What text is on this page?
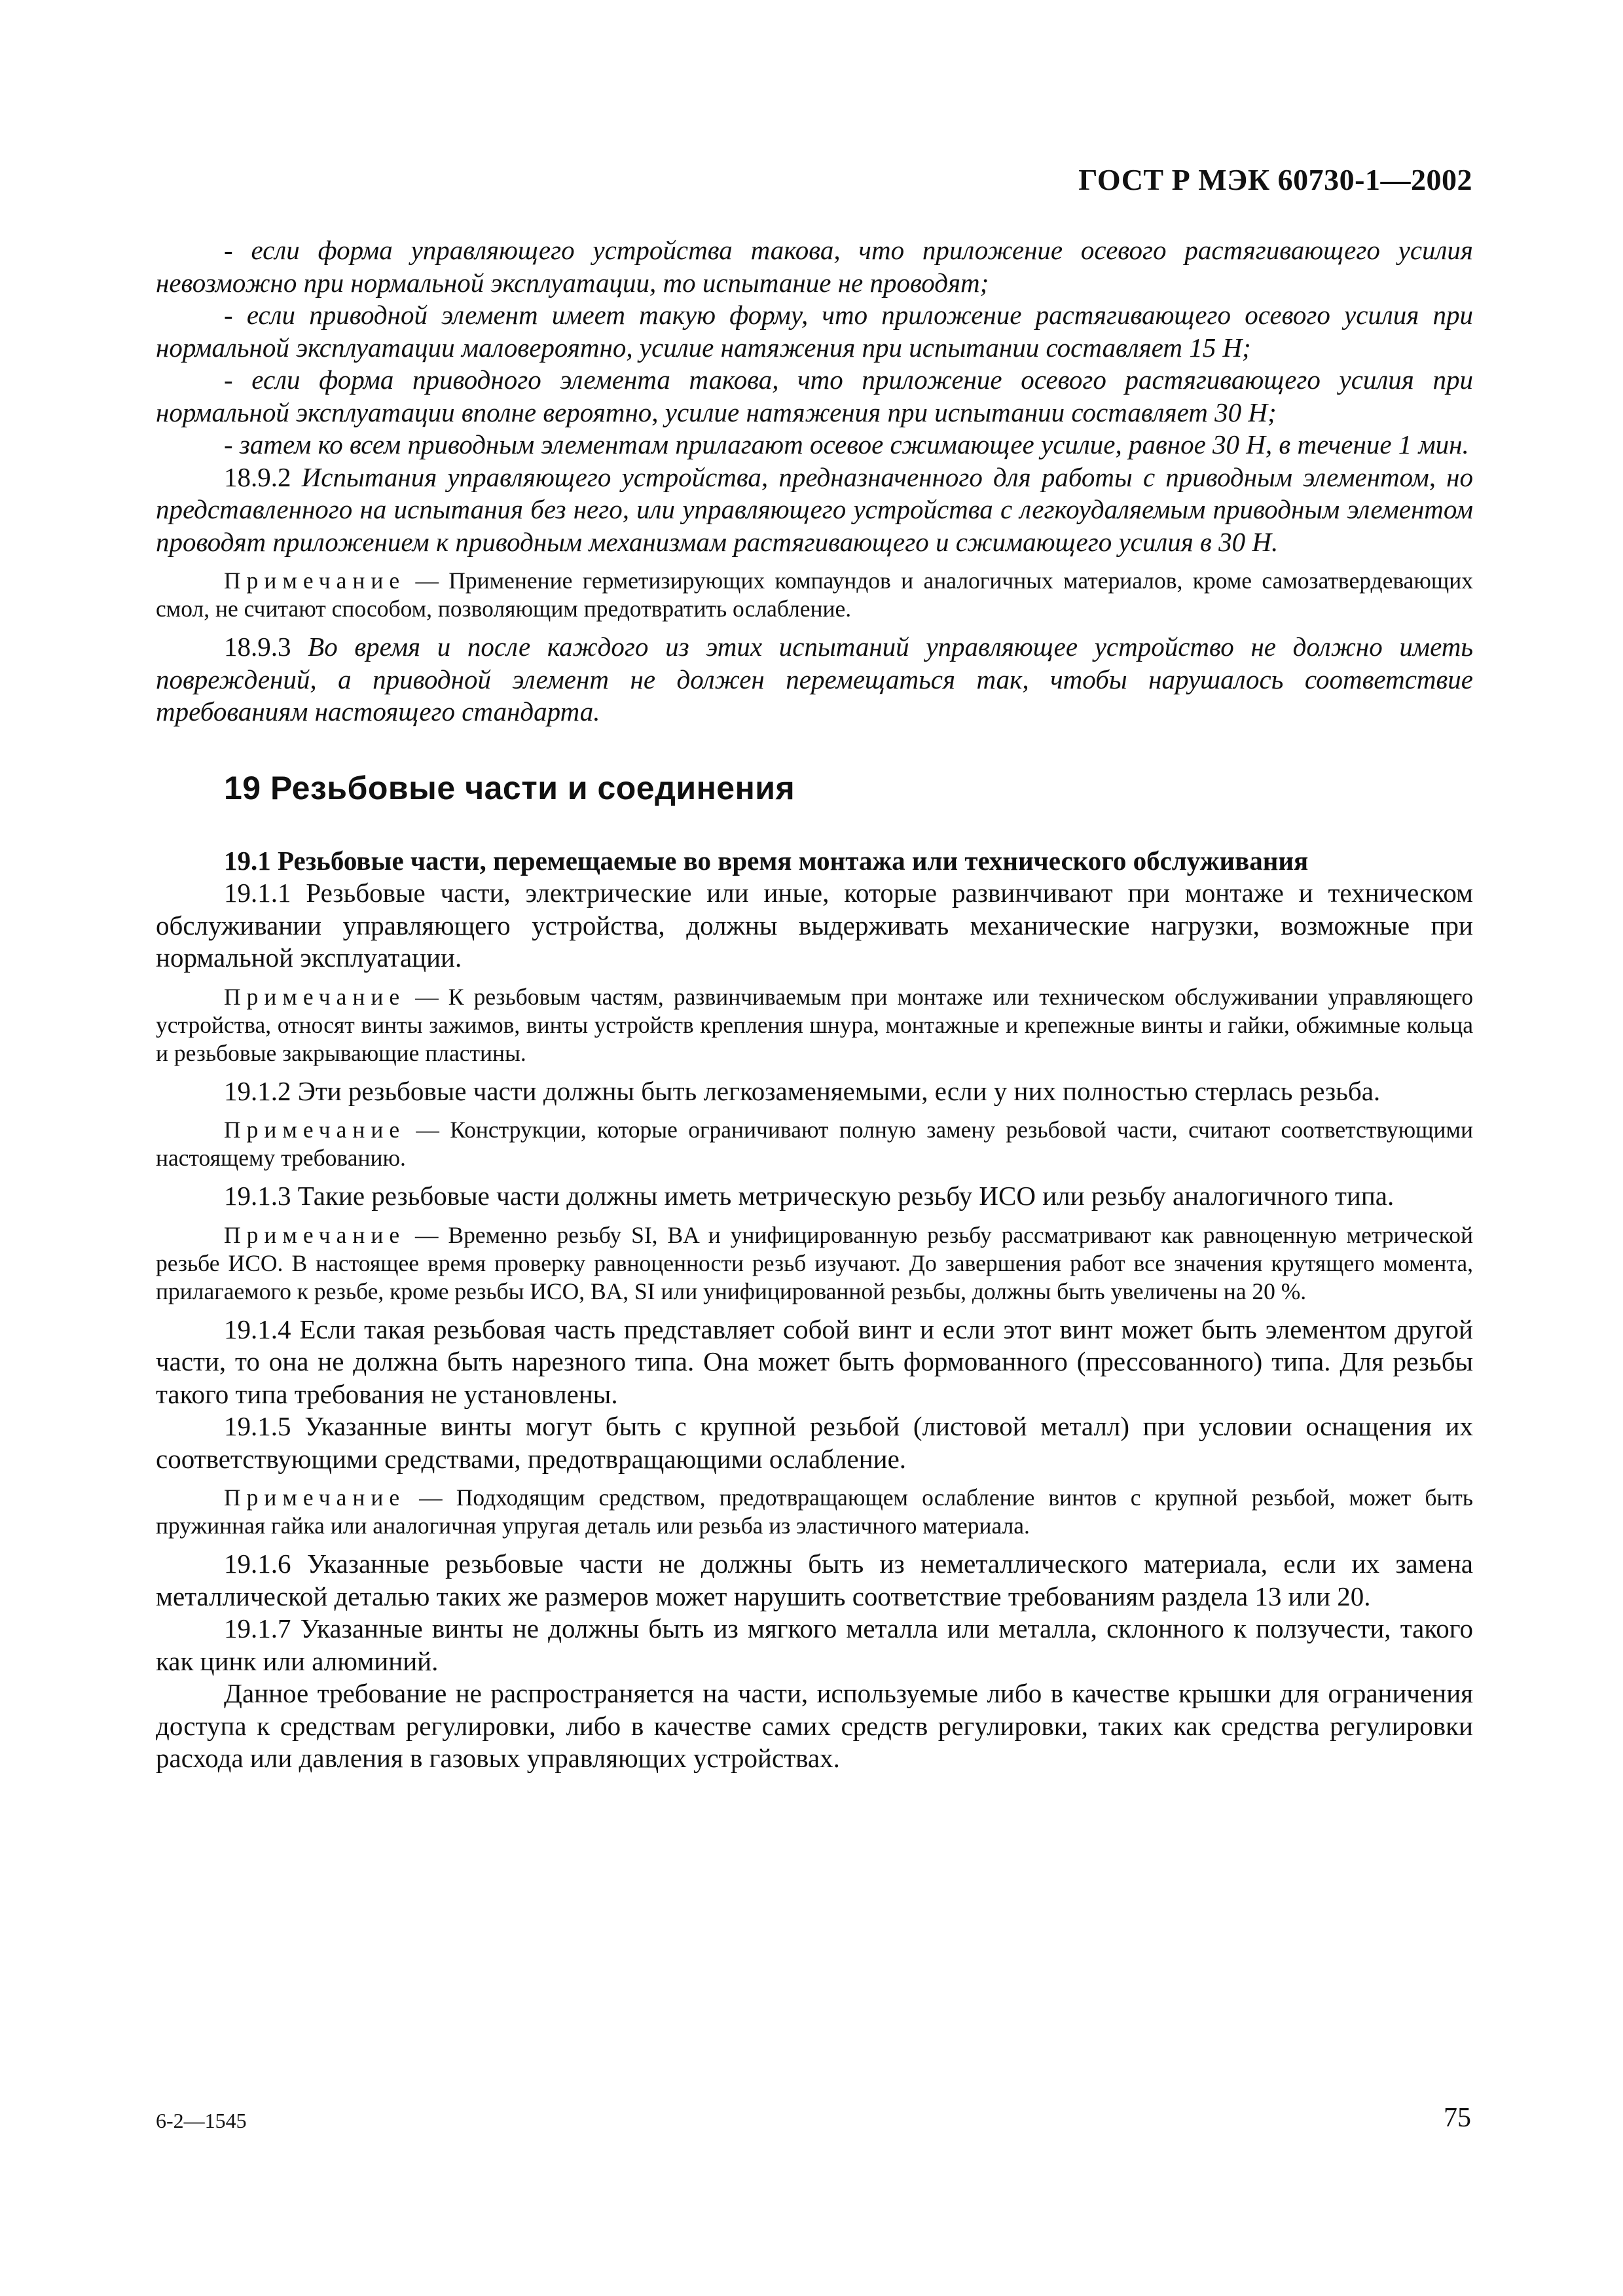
ГОСТ Р МЭК 60730-1—2002

- если форма управляющего устройства такова, что приложение осевого растягивающего усилия невозможно при нормальной эксплуатации, то испытание не проводят;

- если приводной элемент имеет такую форму, что приложение растягивающего осевого усилия при нормальной эксплуатации маловероятно, усилие натяжения при испытании составляет 15 Н;

- если форма приводного элемента такова, что приложение осевого растягивающего усилия при нормальной эксплуатации вполне вероятно, усилие натяжения при испытании составляет 30 Н;

- затем ко всем приводным элементам прилагают осевое сжимающее усилие, равное 30 Н, в течение 1 мин.

18.9.2 Испытания управляющего устройства, предназначенного для работы с приводным элементом, но представленного на испытания без него, или управляющего устройства с легкоудаляемым приводным элементом проводят приложением к приводным механизмам растягивающего и сжимающего усилия в 30 Н.

Примечание — Применение герметизирующих компаундов и аналогичных материалов, кроме самозатвердевающих смол, не считают способом, позволяющим предотвратить ослабление.

18.9.3 Во время и после каждого из этих испытаний управляющее устройство не должно иметь повреждений, а приводной элемент не должен перемещаться так, чтобы нарушалось соответствие требованиям настоящего стандарта.

19 Резьбовые части и соединения

19.1 Резьбовые части, перемещаемые во время монтажа или технического обслуживания

19.1.1 Резьбовые части, электрические или иные, которые развинчивают при монтаже и техническом обслуживании управляющего устройства, должны выдерживать механические нагрузки, возможные при нормальной эксплуатации.

Примечание — К резьбовым частям, развинчиваемым при монтаже или техническом обслуживании управляющего устройства, относят винты зажимов, винты устройств крепления шнура, монтажные и крепежные винты и гайки, обжимные кольца и резьбовые закрывающие пластины.

19.1.2 Эти резьбовые части должны быть легкозаменяемыми, если у них полностью стерлась резьба.

Примечание — Конструкции, которые ограничивают полную замену резьбовой части, считают соответствующими настоящему требованию.

19.1.3 Такие резьбовые части должны иметь метрическую резьбу ИСО или резьбу аналогичного типа.

Примечание — Временно резьбу SI, BA и унифицированную резьбу рассматривают как равноценную метрической резьбе ИСО. В настоящее время проверку равноценности резьб изучают. До завершения работ все значения крутящего момента, прилагаемого к резьбе, кроме резьбы ИСО, BA, SI или унифицированной резьбы, должны быть увеличены на 20 %.

19.1.4 Если такая резьбовая часть представляет собой винт и если этот винт может быть элементом другой части, то она не должна быть нарезного типа. Она может быть формованного (прессованного) типа. Для резьбы такого типа требования не установлены.

19.1.5 Указанные винты могут быть с крупной резьбой (листовой металл) при условии оснащения их соответствующими средствами, предотвращающими ослабление.

Примечание — Подходящим средством, предотвращающем ослабление винтов с крупной резьбой, может быть пружинная гайка или аналогичная упругая деталь или резьба из эластичного материала.

19.1.6 Указанные резьбовые части не должны быть из неметаллического материала, если их замена металлической деталью таких же размеров может нарушить соответствие требованиям раздела 13 или 20.

19.1.7 Указанные винты не должны быть из мягкого металла или металла, склонного к ползучести, такого как цинк или алюминий.

Данное требование не распространяется на части, используемые либо в качестве крышки для ограничения доступа к средствам регулировки, либо в качестве самих средств регулировки, таких как средства регулировки расхода или давления в газовых управляющих устройствах.

6-2—1545	75
